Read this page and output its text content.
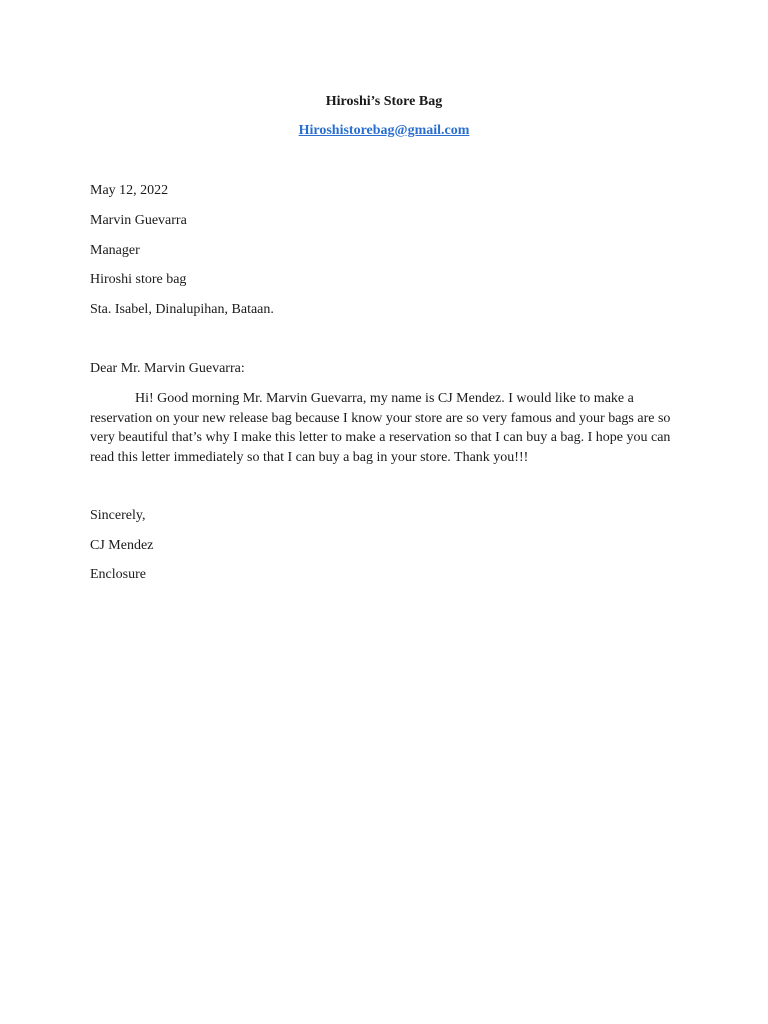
Hiroshi’s Store Bag
Hiroshistorebag@gmail.com
May 12, 2022
Marvin Guevarra
Manager
Hiroshi store bag
Sta. Isabel, Dinalupihan, Bataan.
Dear Mr. Marvin Guevarra:
Hi! Good morning Mr. Marvin Guevarra, my name is CJ Mendez. I would like to make a reservation on your new release bag because I know your store are so very famous and your bags are so very beautiful that’s why I make this letter to make a reservation so that I can buy a bag. I hope you can read this letter immediately so that I can buy a bag in your store. Thank you!!!
Sincerely,
CJ Mendez
Enclosure
